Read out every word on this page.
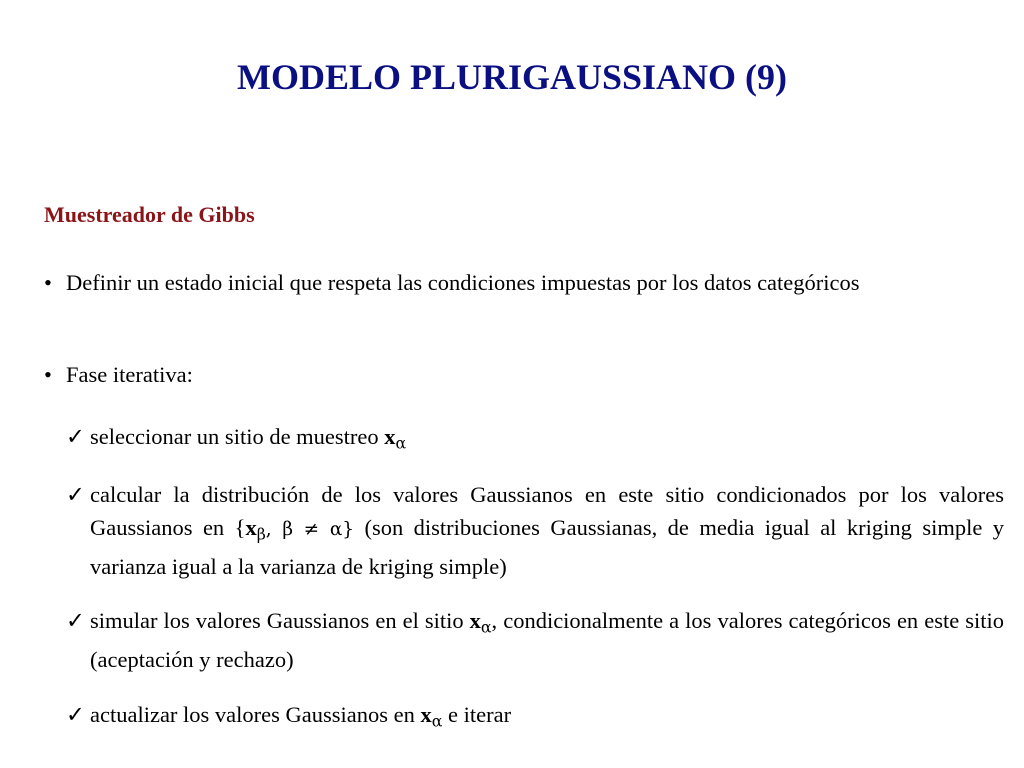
MODELO PLURIGAUSSIANO (9)
Muestreador de Gibbs

• Definir un estado inicial que respeta las condiciones impuestas por los datos categóricos

• Fase iterativa:

✓ seleccionar un sitio de muestreo $x_\alpha$

✓ calcular la distribución de los valores Gaussianos en este sitio condicionados por los valores Gaussianos en {$x_\beta$, β ≠ α} (son distribuciones Gaussianas, de media igual al kriging simple y varianza igual a la varianza de kriging simple)

✓ simular los valores Gaussianos en el sitio $x_\alpha$, condicionalmente a los valores categóricos en este sitio (aceptación y rechazo)

✓ actualizar los valores Gaussianos en $x_\alpha$ e iterar
